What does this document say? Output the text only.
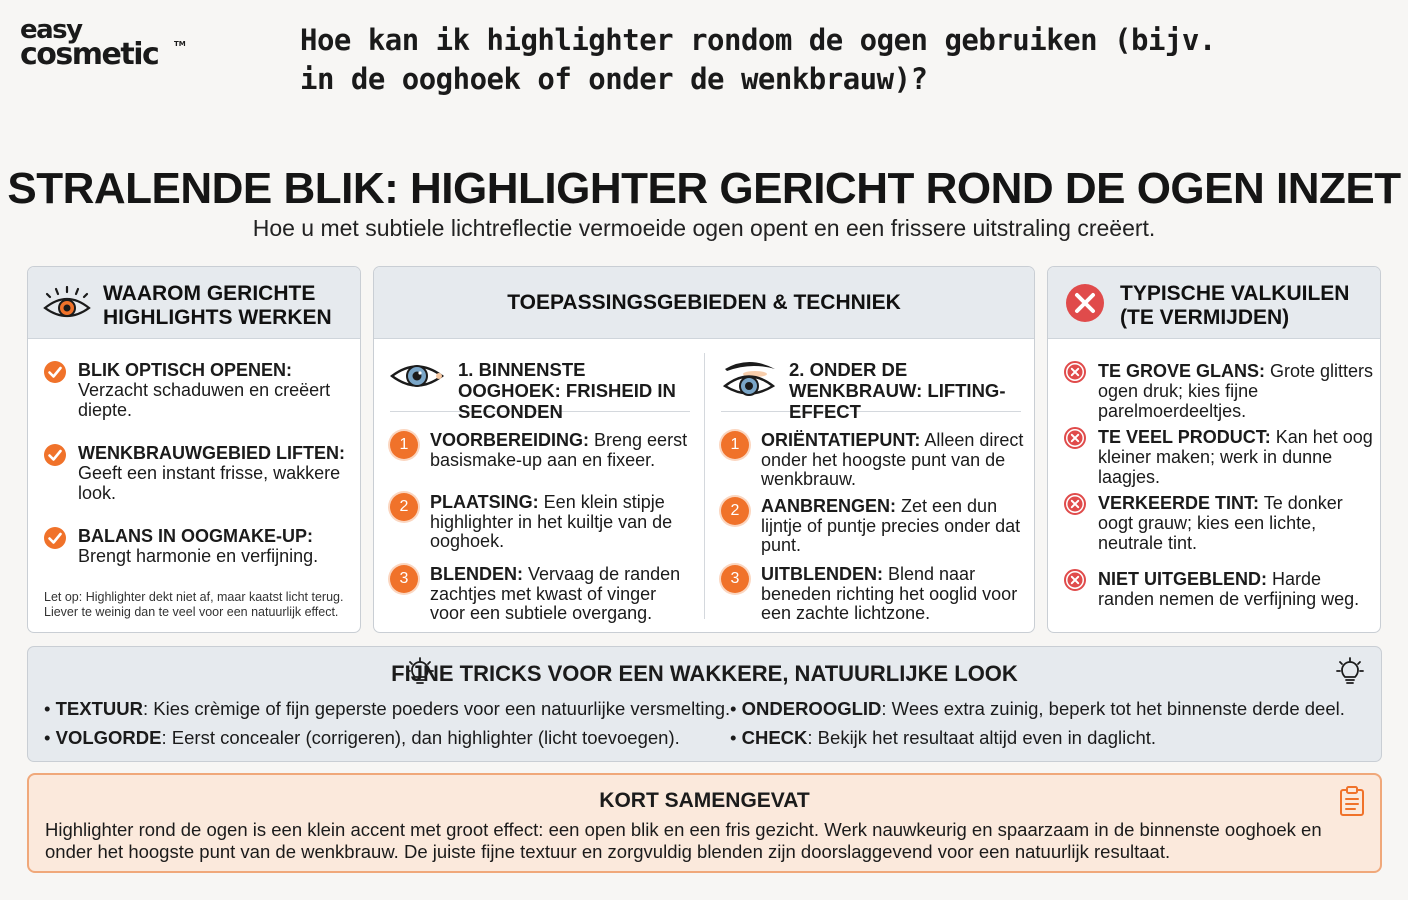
easy
cosmetic TM	Hoe kan ik highlighter rondom de ogen gebruiken (bijv. in de ooghoek of onder de wenkbrauw)?
STRALENDE BLIK: HIGHLIGHTER GERICHT ROND DE OGEN INZET
Hoe u met subtiele lichtreflectie vermoeide ogen opent en een frissere uitstraling creëert.
WAAROM GERICHTE HIGHLIGHTS WERKEN
BLIK OPTISCH OPENEN:
Verzacht schaduwen en creëert diepte.
WENKBRAUWGEBIED LIFTEN:
Geeft een instant frisse, wakkere look.
BALANS IN OOGMAKE-UP:
Brengt harmonie en verfijning.
Let op: Highlighter dekt niet af, maar kaatst licht terug. Liever te weinig dan te veel voor een natuurlijk effect.
TOEPASSINGSGEBIEDEN & TECHNIEK
1. BINNENSTE OOGHOEK: FRISHEID IN SECONDEN
1	VOORBEREIDING: Breng eerst basismake-up aan en fixeer.
2	PLAATSING: Een klein stipje highlighter in het kuiltje van de ooghoek.
3	BLENDEN: Vervaag de randen zachtjes met kwast of vinger voor een subtiele overgang.
2. ONDER DE WENKBRAUW: LIFTING-EFFECT
1	ORIËNTATIEPUNT: Alleen direct onder het hoogste punt van de wenkbrauw.
2	AANBRENGEN: Zet een dun lijntje of puntje precies onder dat punt.
3	UITBLENDEN: Blend naar beneden richting het ooglid voor een zachte lichtzone.
TYPISCHE VALKUILEN (TE VERMIJDEN)
TE GROVE GLANS: Grote glitters ogen druk; kies fijne parelmoerdeeltjes.
TE VEEL PRODUCT: Kan het oog kleiner maken; werk in dunne laagjes.
VERKEERDE TINT: Te donker oogt grauw; kies een lichte, neutrale tint.
NIET UITGEBLEND: Harde randen nemen de verfijning weg.
FIJNE TRICKS VOOR EEN WAKKERE, NATUURLIJKE LOOK
• TEXTUUR: Kies crèmige of fijn geperste poeders voor een natuurlijke versmelting.
• VOLGORDE: Eerst concealer (corrigeren), dan highlighter (licht toevoegen).
• ONDEROOGLID: Wees extra zuinig, beperk tot het binnenste derde deel.
• CHECK: Bekijk het resultaat altijd even in daglicht.
KORT SAMENGEVAT
Highlighter rond de ogen is een klein accent met groot effect: een open blik en een fris gezicht. Werk nauwkeurig en spaarzaam in de binnenste ooghoek en onder het hoogste punt van de wenkbrauw. De juiste fijne textuur en zorgvuldig blenden zijn doorslaggevend voor een natuurlijk resultaat.
